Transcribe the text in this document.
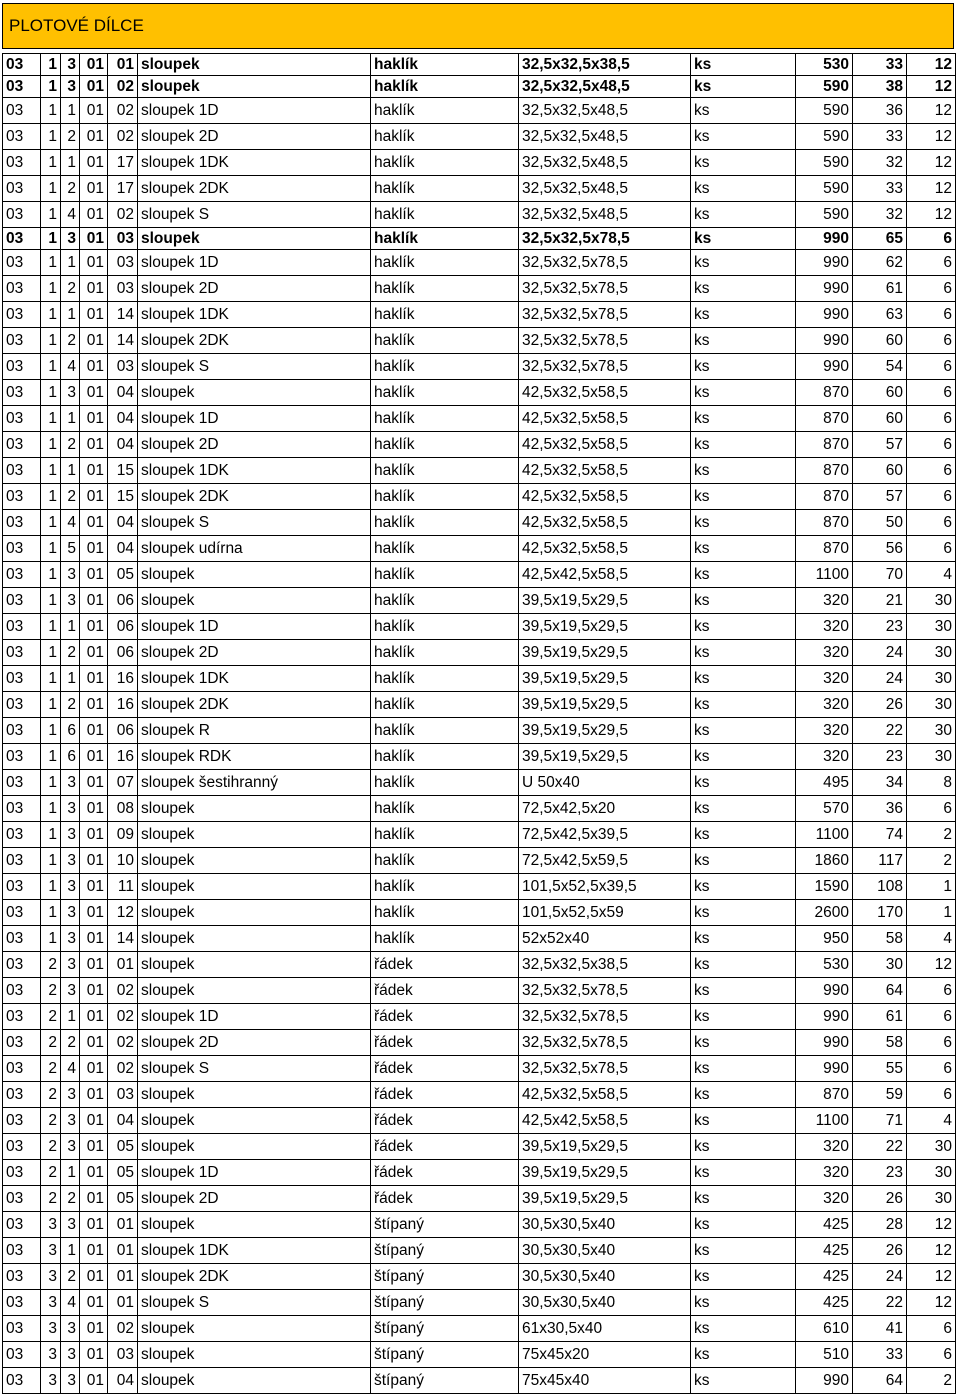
PLOTOVÉ DÍLCE
03	1	3	01	01	sloupek	haklík	32,5x32,5x38,5	ks	530	33	12
03	1	3	01	02	sloupek	haklík	32,5x32,5x48,5	ks	590	38	12
03	1	1	01	02	sloupek 1D	haklík	32,5x32,5x48,5	ks	590	36	12
03	1	2	01	02	sloupek 2D	haklík	32,5x32,5x48,5	ks	590	33	12
03	1	1	01	17	sloupek 1DK	haklík	32,5x32,5x48,5	ks	590	32	12
03	1	2	01	17	sloupek 2DK	haklík	32,5x32,5x48,5	ks	590	33	12
03	1	4	01	02	sloupek S	haklík	32,5x32,5x48,5	ks	590	32	12
03	1	3	01	03	sloupek	haklík	32,5x32,5x78,5	ks	990	65	6
03	1	1	01	03	sloupek 1D	haklík	32,5x32,5x78,5	ks	990	62	6
03	1	2	01	03	sloupek 2D	haklík	32,5x32,5x78,5	ks	990	61	6
03	1	1	01	14	sloupek 1DK	haklík	32,5x32,5x78,5	ks	990	63	6
03	1	2	01	14	sloupek 2DK	haklík	32,5x32,5x78,5	ks	990	60	6
03	1	4	01	03	sloupek S	haklík	32,5x32,5x78,5	ks	990	54	6
03	1	3	01	04	sloupek	haklík	42,5x32,5x58,5	ks	870	60	6
03	1	1	01	04	sloupek 1D	haklík	42,5x32,5x58,5	ks	870	60	6
03	1	2	01	04	sloupek 2D	haklík	42,5x32,5x58,5	ks	870	57	6
03	1	1	01	15	sloupek 1DK	haklík	42,5x32,5x58,5	ks	870	60	6
03	1	2	01	15	sloupek 2DK	haklík	42,5x32,5x58,5	ks	870	57	6
03	1	4	01	04	sloupek S	haklík	42,5x32,5x58,5	ks	870	50	6
03	1	5	01	04	sloupek udírna	haklík	42,5x32,5x58,5	ks	870	56	6
03	1	3	01	05	sloupek	haklík	42,5x42,5x58,5	ks	1100	70	4
03	1	3	01	06	sloupek	haklík	39,5x19,5x29,5	ks	320	21	30
03	1	1	01	06	sloupek 1D	haklík	39,5x19,5x29,5	ks	320	23	30
03	1	2	01	06	sloupek 2D	haklík	39,5x19,5x29,5	ks	320	24	30
03	1	1	01	16	sloupek 1DK	haklík	39,5x19,5x29,5	ks	320	24	30
03	1	2	01	16	sloupek 2DK	haklík	39,5x19,5x29,5	ks	320	26	30
03	1	6	01	06	sloupek R	haklík	39,5x19,5x29,5	ks	320	22	30
03	1	6	01	16	sloupek RDK	haklík	39,5x19,5x29,5	ks	320	23	30
03	1	3	01	07	sloupek šestihranný	haklík	U 50x40	ks	495	34	8
03	1	3	01	08	sloupek	haklík	72,5x42,5x20	ks	570	36	6
03	1	3	01	09	sloupek	haklík	72,5x42,5x39,5	ks	1100	74	2
03	1	3	01	10	sloupek	haklík	72,5x42,5x59,5	ks	1860	117	2
03	1	3	01	11	sloupek	haklík	101,5x52,5x39,5	ks	1590	108	1
03	1	3	01	12	sloupek	haklík	101,5x52,5x59	ks	2600	170	1
03	1	3	01	14	sloupek	haklík	52x52x40	ks	950	58	4
03	2	3	01	01	sloupek	řádek	32,5x32,5x38,5	ks	530	30	12
03	2	3	01	02	sloupek	řádek	32,5x32,5x78,5	ks	990	64	6
03	2	1	01	02	sloupek 1D	řádek	32,5x32,5x78,5	ks	990	61	6
03	2	2	01	02	sloupek 2D	řádek	32,5x32,5x78,5	ks	990	58	6
03	2	4	01	02	sloupek S	řádek	32,5x32,5x78,5	ks	990	55	6
03	2	3	01	03	sloupek	řádek	42,5x32,5x58,5	ks	870	59	6
03	2	3	01	04	sloupek	řádek	42,5x42,5x58,5	ks	1100	71	4
03	2	3	01	05	sloupek	řádek	39,5x19,5x29,5	ks	320	22	30
03	2	1	01	05	sloupek 1D	řádek	39,5x19,5x29,5	ks	320	23	30
03	2	2	01	05	sloupek 2D	řádek	39,5x19,5x29,5	ks	320	26	30
03	3	3	01	01	sloupek	štípaný	30,5x30,5x40	ks	425	28	12
03	3	1	01	01	sloupek 1DK	štípaný	30,5x30,5x40	ks	425	26	12
03	3	2	01	01	sloupek 2DK	štípaný	30,5x30,5x40	ks	425	24	12
03	3	4	01	01	sloupek S	štípaný	30,5x30,5x40	ks	425	22	12
03	3	3	01	02	sloupek	štípaný	61x30,5x40	ks	610	41	6
03	3	3	01	03	sloupek	štípaný	75x45x20	ks	510	33	6
03	3	3	01	04	sloupek	štípaný	75x45x40	ks	990	64	2
